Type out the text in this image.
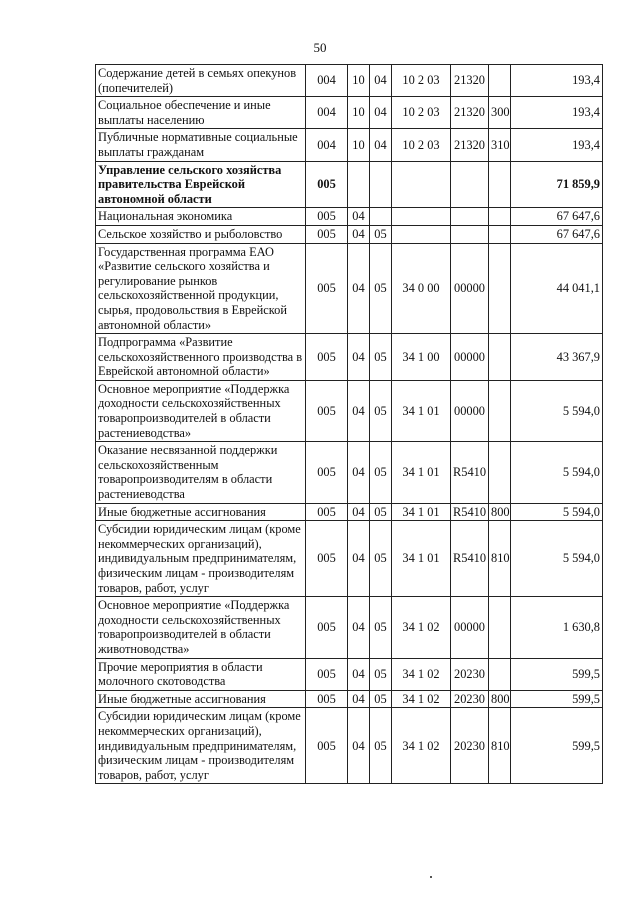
50
Содержание детей в семьях опекунов (попечителей)	004	10	04	10 2 03	21320		193,4
Социальное обеспечение и иные выплаты населению	004	10	04	10 2 03	21320	300	193,4
Публичные нормативные социальные выплаты гражданам	004	10	04	10 2 03	21320	310	193,4
Управление сельского хозяйства правительства Еврейской автономной области	005						71 859,9
Национальная экономика	005	04					67 647,6
Сельское хозяйство и рыболовство	005	04	05				67 647,6
Государственная программа ЕАО «Развитие сельского хозяйства и регулирование рынков сельскохозяйственной продукции, сырья, продовольствия в Еврейской автономной области»	005	04	05	34 0 00	00000		44 041,1
Подпрограмма «Развитие сельскохозяйственного производства в Еврейской автономной области»	005	04	05	34 1 00	00000		43 367,9
Основное мероприятие «Поддержка доходности сельскохозяйственных товаропроизводителей в области растениеводства»	005	04	05	34 1 01	00000		5 594,0
Оказание несвязанной поддержки сельскохозяйственным товаропроизводителям в области растениеводства	005	04	05	34 1 01	R5410		5 594,0
Иные бюджетные ассигнования	005	04	05	34 1 01	R5410	800	5 594,0
Субсидии юридическим лицам (кроме некоммерческих организаций), индивидуальным предпринимателям, физическим лицам - производителям товаров, работ, услуг	005	04	05	34 1 01	R5410	810	5 594,0
Основное мероприятие «Поддержка доходности сельскохозяйственных товаропроизводителей в области животноводства»	005	04	05	34 1 02	00000		1 630,8
Прочие мероприятия в области молочного скотоводства	005	04	05	34 1 02	20230		599,5
Иные бюджетные ассигнования	005	04	05	34 1 02	20230	800	599,5
Субсидии юридическим лицам (кроме некоммерческих организаций), индивидуальным предпринимателям, физическим лицам - производителям товаров, работ, услуг	005	04	05	34 1 02	20230	810	599,5
